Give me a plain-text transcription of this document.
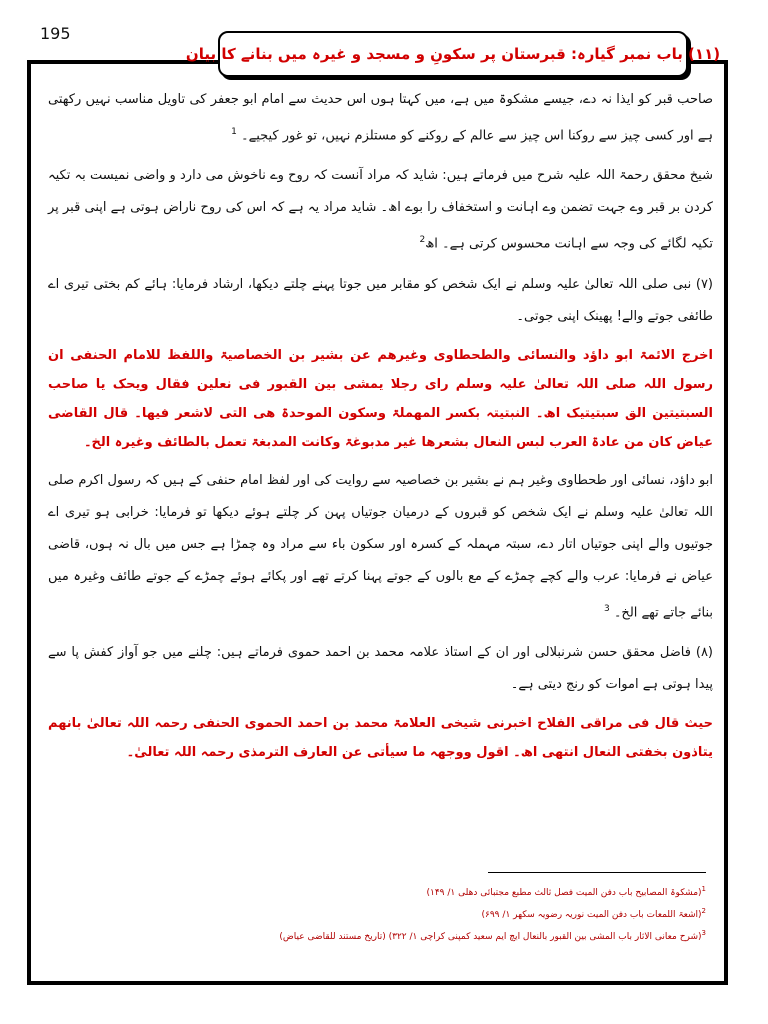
195
(۱۱) باب نمبر گیارہ: قبرستان پر سکونِ و مسجد و غیرہ میں بنانے کا بیان

صاحب قبر کو ایذا نہ دے، جیسے مشکوۃ میں ہے، میں کہتا ہوں اس حدیث سے امام ابو جعفر کی تاویل مناسب نہیں رکھتی ہے اور کسی چیز سے روکنا اس چیز سے عالم کے روکنے کو مستلزم نہیں، تو غور کیجیے۔ $^1$

شیخ محقق رحمۃ اللہ علیہ شرح میں فرماتے ہیں: شاید کہ مراد آنست کہ روح وے ناخوش می دارد و واضی نمیست بہ تکیہ کردن بر قبر وے جہت تضمن وے اہانت و استخفاف را بوے اھ۔ شاید مراد یہ ہے کہ اس کی روح ناراض ہوتی ہے اپنی قبر پر تکیہ لگائے کی وجہ سے اہانت محسوس کرتی ہے۔ اھ$^2$

(۷) نبی صلی اللہ تعالیٰ علیہ وسلم نے ایک شخص کو مقابر میں جوتا پہنے چلتے دیکھا، ارشاد فرمایا: ہائے کم بختی تیری اے طائفی جوتے والے! پھینک اپنی جوتی۔

اخرج الائمۃ ابو داؤد والنسائی والطحطاوی وغیرھم عن بشیر بن الخصاصیۃ واللفظ للامام الحنفی ان رسول اللہ صلی اللہ تعالیٰ علیہ وسلم رای رجلا یمشی بین القبور فی نعلین فقال ویحک یا صاحب السبتیتین الق سبتیتیک اھ۔ النبتیتہ بکسر المھملۃ وسکون الموحدۃ ھی التی لاشعر فیھا۔ قال القاضی عیاض کان من عادۃ العرب لبس النعال بشعرھا غیر مدبوغۃ وکانت المدبغۃ تعمل بالطائف وغیرہ الخ۔

ابو داؤد، نسائی اور طحطاوی وغیر ہم نے بشیر بن خصاصیہ سے روایت کی اور لفظ امام حنفی کے ہیں کہ رسول اکرم صلی اللہ تعالیٰ علیہ وسلم نے ایک شخص کو قبروں کے درمیان جوتیاں پہن کر چلتے ہوئے دیکھا تو فرمایا: خرابی ہو تیری اے جوتیوں والے اپنی جوتیاں اتار دے، سبتہ مہملہ کے کسرہ اور سکون باء سے مراد وہ چمڑا ہے جس میں بال نہ ہوں، قاضی عیاض نے فرمایا: عرب والے کچے چمڑے کے مع بالوں کے جوتے پہنا کرتے تھے اور پکائے ہوئے چمڑے کے جوتے طائف وغیرہ میں بنائے جاتے تھے الخ۔ $^3$

(۸) فاضل محقق حسن شرنبلالی اور ان کے استاذ علامہ محمد بن احمد حموی فرماتے ہیں: چلنے میں جو آواز کفش پا سے پیدا ہوتی ہے اموات کو رنج دیتی ہے۔

حیث قال فی مراقی الفلاح اخبرنی شیخی العلامۃ محمد بن احمد الحموی الحنفی رحمہ اللہ تعالیٰ بانھم یتاذون بخفتی النعال انتھی اھ۔ اقول ووجھہ ما سیأتی عن العارف الترمذی رحمہ اللہ تعالیٰ۔

$^1$(مشکوۃ المصابیح باب دفن المیت فصل ثالث مطبع مجتبائی دھلی ۱/ ۱۴۹)
$^2$(اشعۃ اللمعات باب دفن المیت نوریہ رضویہ سکھر ۱/ ۶۹۹)
$^3$(شرح معانی الاثار باب المشی بین القبور بالنعال ایچ ایم سعید کمپنی کراچی ۱/ ۳۲۲) (تاریخ مستند للقاضی عیاض)
